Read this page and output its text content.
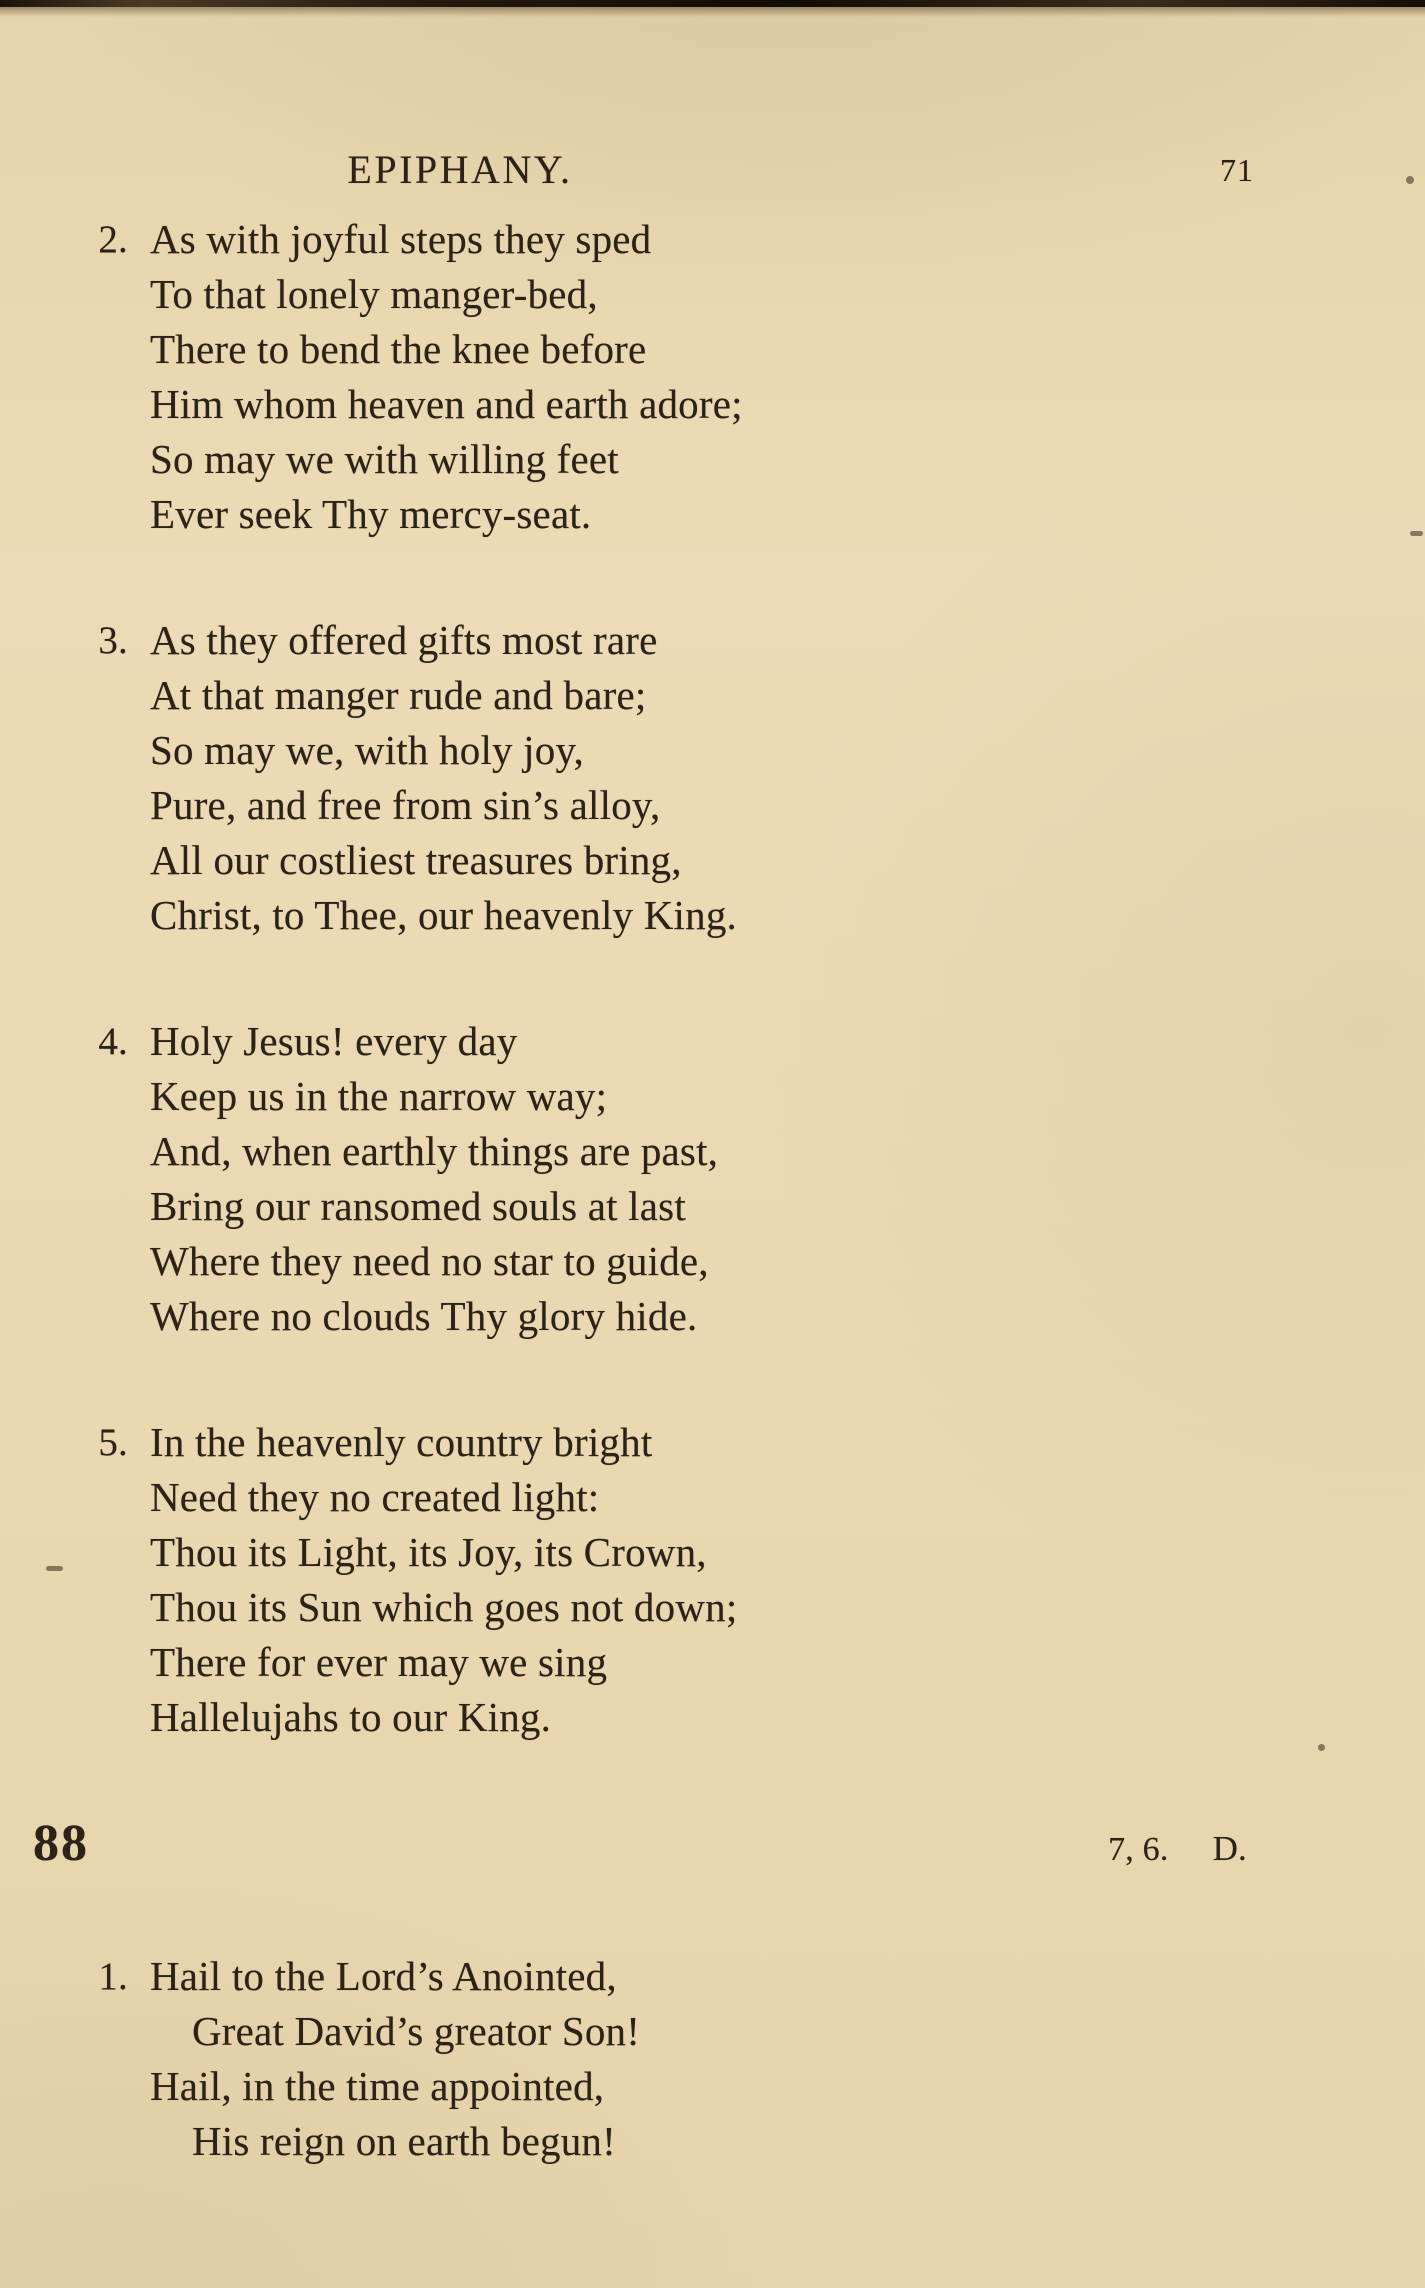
EPIPHANY.	71
2. As with joyful steps they sped
To that lonely manger-bed,
There to bend the knee before
Him whom heaven and earth adore;
So may we with willing feet
Ever seek Thy mercy-seat.
3. As they offered gifts most rare
At that manger rude and bare;
So may we, with holy joy,
Pure, and free from sin’s alloy,
All our costliest treasures bring,
Christ, to Thee, our heavenly King.
4. Holy Jesus! every day
Keep us in the narrow way;
And, when earthly things are past,
Bring our ransomed souls at last
Where they need no star to guide,
Where no clouds Thy glory hide.
5. In the heavenly country bright
Need they no created light:
Thou its Light, its Joy, its Crown,
Thou its Sun which goes not down;
There for ever may we sing
Hallelujahs to our King.
88	7, 6. D.
1. Hail to the Lord’s Anointed,
Great David’s greator Son!
Hail, in the time appointed,
His reign on earth begun!
